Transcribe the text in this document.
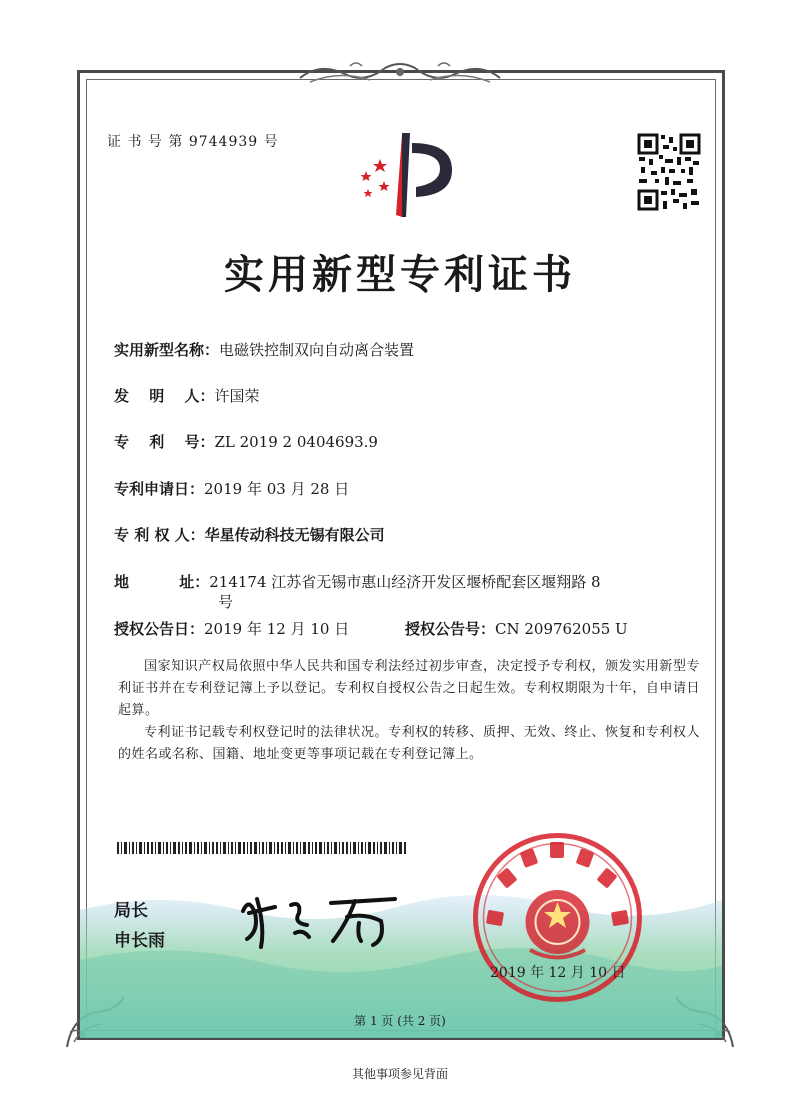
证 书 号 第 9744939 号
实用新型专利证书
实用新型名称：电磁铁控制双向自动离合装置
发　 明　 人：许国荣
专　 利　 号：ZL 2019 2 0404693.9
专利申请日：2019 年 03 月 28 日
专 利 权 人：华星传动科技无锡有限公司
地　　　 址：214174 江苏省无锡市惠山经济开发区堰桥配套区堰翔路 8
号
授权公告日：2019 年 12 月 10 日	授权公告号：CN 209762055 U
国家知识产权局依照中华人民共和国专利法经过初步审查，决定授予专利权，颁发实用新型专利证书并在专利登记簿上予以登记。专利权自授权公告之日起生效。专利权期限为十年，自申请日起算。
专利证书记载专利权登记时的法律状况。专利权的转移、质押、无效、终止、恢复和专利权人的姓名或名称、国籍、地址变更等事项记载在专利登记簿上。
局长
申长雨
2019 年 12 月 10 日
第 1 页 (共 2 页)
其他事项参见背面
